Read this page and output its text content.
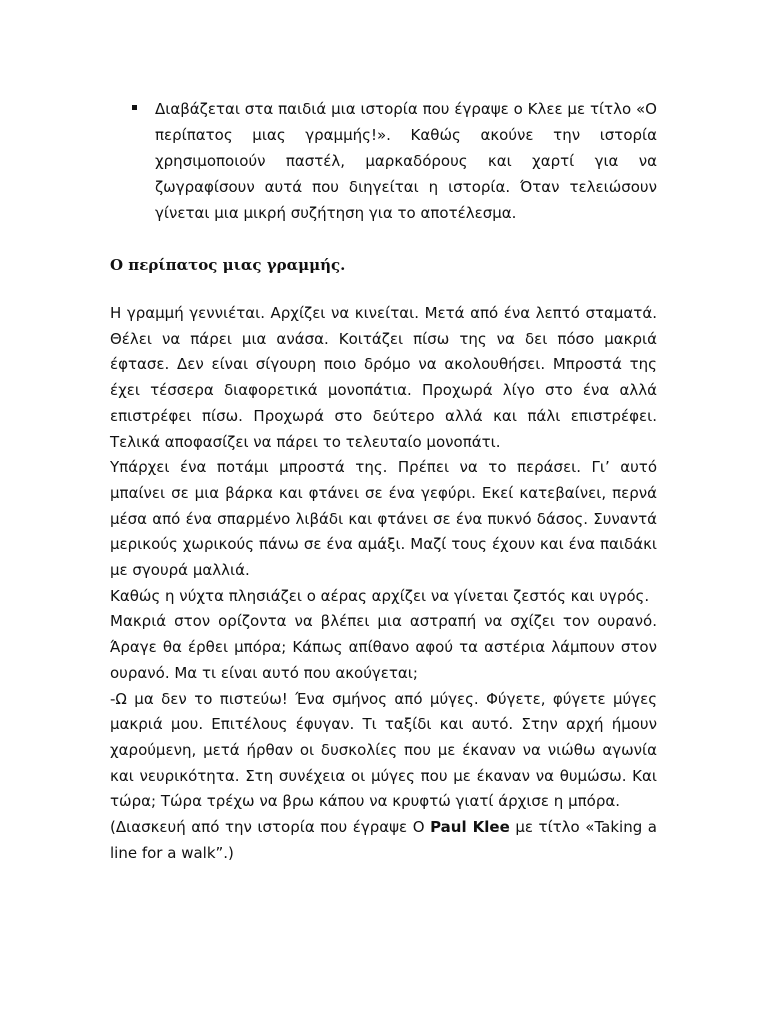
Διαβάζεται στα παιδιά μια ιστορία που έγραψε ο Κλεε με τίτλο «Ο περίπατος μιας γραμμής!». Καθώς ακούνε την ιστορία χρησιμοποιούν παστέλ, μαρκαδόρους και χαρτί για να ζωγραφίσουν αυτά που διηγείται η ιστορία. Όταν τελειώσουν γίνεται μια μικρή συζήτηση για το αποτέλεσμα.

Ο περίπατος μιας γραμμής.

Η γραμμή γεννιέται. Αρχίζει να κινείται. Μετά από ένα λεπτό σταματά. Θέλει να πάρει μια ανάσα. Κοιτάζει πίσω της να δει πόσο μακριά έφτασε. Δεν είναι σίγουρη ποιο δρόμο να ακολουθήσει. Μπροστά της έχει τέσσερα διαφορετικά μονοπάτια. Προχωρά λίγο στο ένα αλλά επιστρέφει πίσω. Προχωρά στο δεύτερο αλλά και πάλι επιστρέφει. Τελικά αποφασίζει να πάρει το τελευταίο μονοπάτι.

Υπάρχει ένα ποτάμι μπροστά της. Πρέπει να το περάσει. Γι’ αυτό μπαίνει σε μια βάρκα και φτάνει σε ένα γεφύρι. Εκεί κατεβαίνει, περνά μέσα από ένα σπαρμένο λιβάδι και φτάνει σε ένα πυκνό δάσος. Συναντά μερικούς χωρικούς πάνω σε ένα αμάξι. Μαζί τους έχουν και ένα παιδάκι με σγουρά μαλλιά.

Καθώς η νύχτα πλησιάζει ο αέρας αρχίζει να γίνεται ζεστός και υγρός.

Μακριά στον ορίζοντα να βλέπει μια αστραπή να σχίζει τον ουρανό. Άραγε θα έρθει μπόρα; Κάπως απίθανο αφού τα αστέρια λάμπουν στον ουρανό. Μα τι είναι αυτό που ακούγεται;

-Ω μα δεν το πιστεύω! Ένα σμήνος από μύγες. Φύγετε, φύγετε μύγες μακριά μου. Επιτέλους έφυγαν. Τι ταξίδι και αυτό. Στην αρχή ήμουν χαρούμενη, μετά ήρθαν οι δυσκολίες που με έκαναν να νιώθω αγωνία και νευρικότητα. Στη συνέχεια οι μύγες που με έκαναν να θυμώσω. Και τώρα; Τώρα τρέχω να βρω κάπου να κρυφτώ γιατί άρχισε η μπόρα.

(Διασκευή από την ιστορία που έγραψε Ο Paul Klee με τίτλο «Taking a line for a walk”.)
